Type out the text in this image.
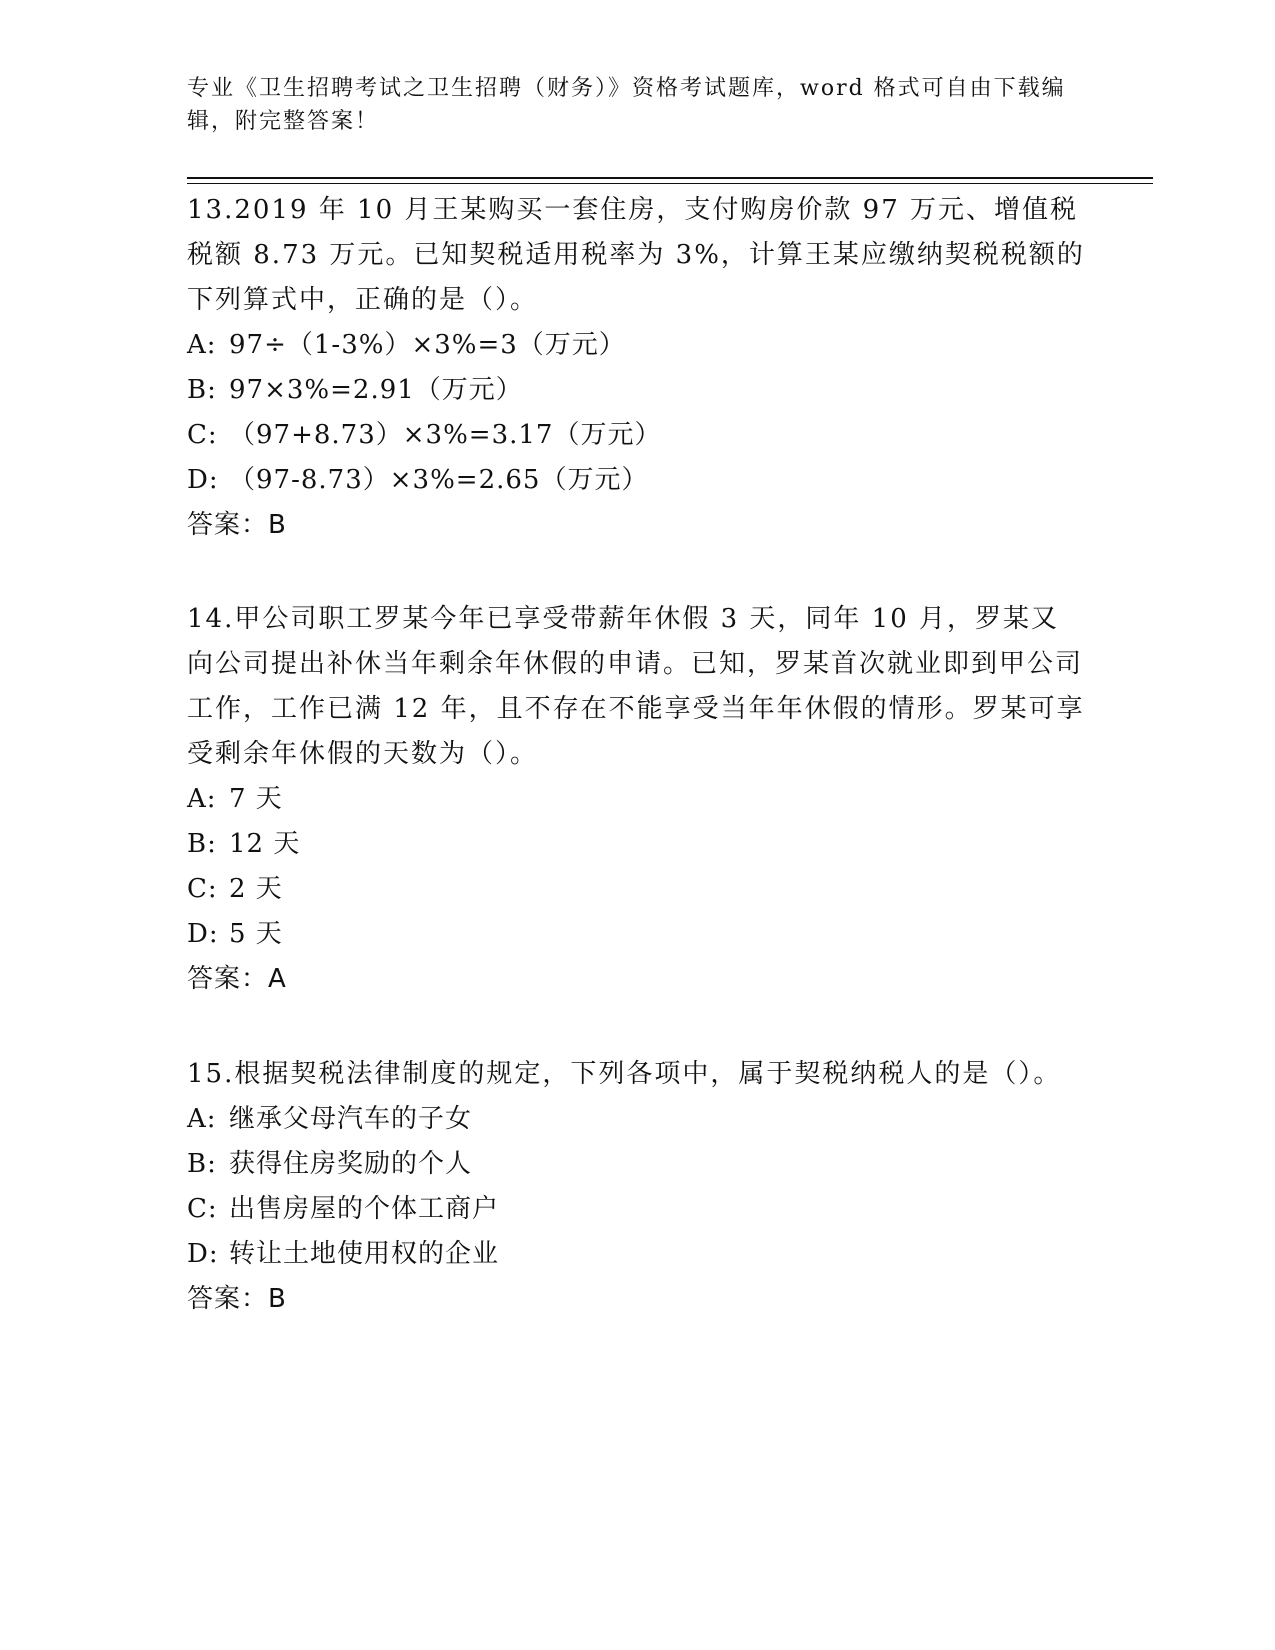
专业《卫生招聘考试之卫生招聘（财务）》资格考试题库，word 格式可自由下载编辑，附完整答案！

13.2019 年 10 月王某购买一套住房，支付购房价款 97 万元、增值税税额 8.73 万元。已知契税适用税率为 3%，计算王某应缴纳契税税额的下列算式中，正确的是（）。

A: 97÷（1-3%）×3%=3（万元）
B: 97×3%=2.91（万元）
C: （97+8.73）×3%=3.17（万元）
D: （97-8.73）×3%=2.65（万元）

答案：B

14.甲公司职工罗某今年已享受带薪年休假 3 天，同年 10 月，罗某又向公司提出补休当年剩余年休假的申请。已知，罗某首次就业即到甲公司工作，工作已满 12 年，且不存在不能享受当年年休假的情形。罗某可享受剩余年休假的天数为（）。

A: 7 天
B: 12 天
C: 2 天
D: 5 天

答案：A

15.根据契税法律制度的规定，下列各项中，属于契税纳税人的是（）。

A: 继承父母汽车的子女
B: 获得住房奖励的个人
C: 出售房屋的个体工商户
D: 转让土地使用权的企业

答案：B
